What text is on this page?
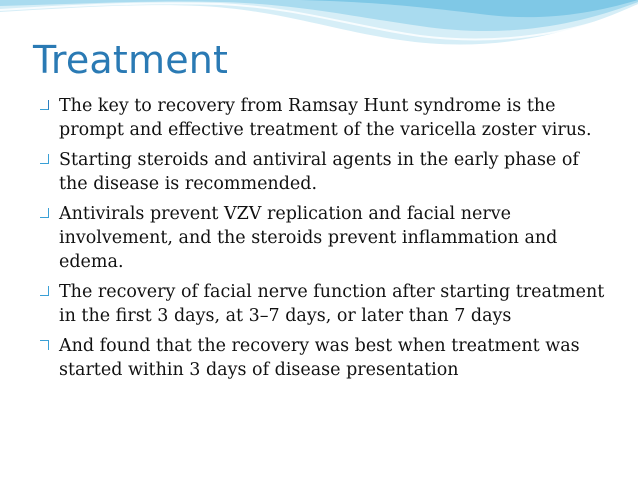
Treatment
The key to recovery from Ramsay Hunt syndrome is the prompt and effective treatment of the varicella zoster virus.
Starting steroids and antiviral agents in the early phase of the disease is recommended.
Antivirals prevent VZV replication and facial nerve involvement, and the steroids prevent inflammation and edema.
The recovery of facial nerve function after starting treatment in the first 3 days, at 3–7 days, or later than 7 days
And found that the recovery was best when treatment was started within 3 days of disease presentation
